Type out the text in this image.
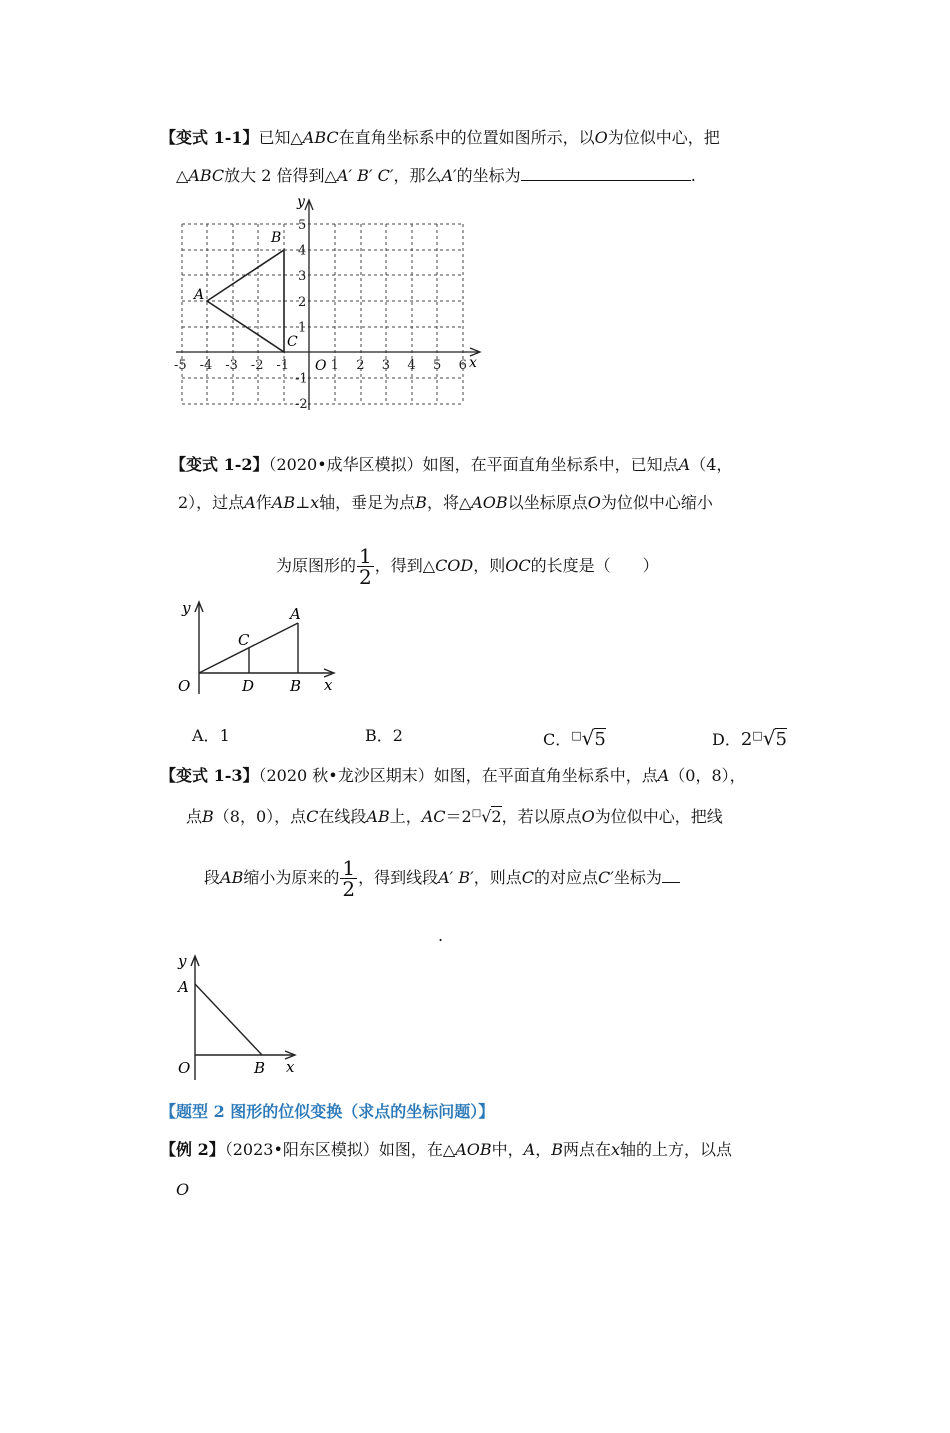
【变式 1-1】已知△ABC在直角坐标系中的位置如图所示，以O为位似中心，把
△ABC放大 2 倍得到△A′ B′ C′，那么A′的坐标为	.
-5 -4 -3 -2 -1	1 2 3 4 5 6
5
4
3
2
1
-1
-2
O	x
y
A
B
C
【变式 1-2】（2020•成华区模拟）如图，在平面直角坐标系中，已知点A（4，
2），过点A作AB⊥x轴，垂足为点B，将△AOB以坐标原点O为位似中心缩小
为原图形的 $\frac{1}{2}$ ，得到△COD，则OC的长度是（　　）
y
x
O	D B
C
A
A．1	B．2	C．□√5	D．2□√5
【变式 1-3】（2020 秋•龙沙区期末）如图，在平面直角坐标系中，点A（0，8），
点B（8，0），点C在线段AB上，AC＝2□√2，若以原点O为位似中心，把线
段AB缩小为原来的 $\frac{1}{2}$ ，得到线段A′ B′，则点C的对应点C′坐标为
.
y
x
O	B
A
【题型 2 图形的位似变换（求点的坐标问题）】
【例 2】（2023•阳东区模拟）如图，在△AOB中，A，B两点在x轴的上方，以点
O
